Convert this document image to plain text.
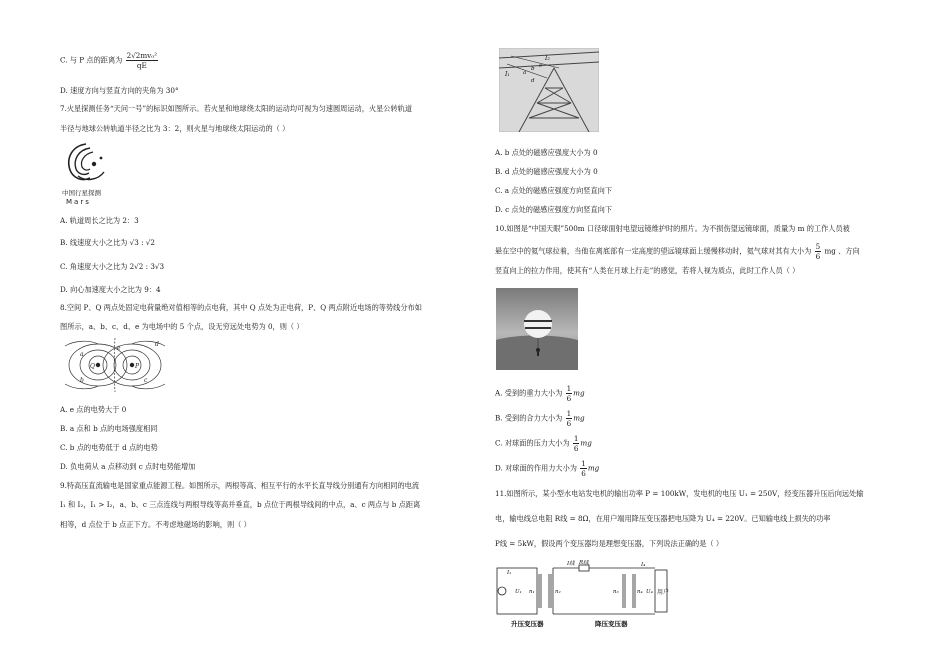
C. 与 P 点的距离为 $\frac{\text{2√2mv₀²}}{qE}$
D. 速度方向与竖直方向的夹角为 30°
7.火星探测任务“天问一号”的标识如图所示。若火星和地球绕太阳的运动均可视为匀速圆周运动，火星公转轨道
半径与地球公转轨道半径之比为 3：2，则火星与地球绕太阳运动的（ ）
中国行星探测
Mars
A. 轨道周长之比为 2：3
B. 线速度大小之比为 √3 : √2
C. 角速度大小之比为 2√2 : 3√3
D. 向心加速度大小之比为 9：4
8.空间 P、Q 两点处固定电荷量绝对值相等的点电荷，其中 Q 点处为正电荷，P、Q 两点附近电场的等势线分布如
图所示，a、b、c、d、e 为电场中的 5 个点，设无穷远处电势为 0，则（ ）
Q	P
a
b	c
d
e
A. e 点的电势大于 0
B. a 点和 b 点的电场强度相同
C. b 点的电势低于 d 点的电势
D. 负电荷从 a 点移动到 c 点时电势能增加
9.特高压直流输电是国家重点能源工程。如图所示，两根等高、相互平行的水平长直导线分别通有方向相同的电流
I₁ 和 I₂，I₁ > I₂，a、b、c 三点连线与两根导线等高并垂直，b 点位于两根导线间的中点，a、c 两点与 b 点距离
相等，d 点位于 b 点正下方。不考虑地磁场的影响，则（ ）
I₁
I₂
a
b c
d
A. b 点处的磁感应强度大小为 0
B. d 点处的磁感应强度大小为 0
C. a 点处的磁感应强度方向竖直向下
D. c 点处的磁感应强度方向竖直向下
10.如图是“中国天眼”500m 口径球面射电望远镜维护时的照片。为不损伤望远镜球面，质量为 m 的工作人员被
悬在空中的氦气球拉着，当他在离底部有一定高度的望远镜球面上缓慢移动时，氦气球对其有大小为 $\frac{5}{6}$ mg 、方向
竖直向上的拉力作用，使其有“人类在月球上行走”的感觉，若将人视为质点，此时工作人员（ ）
A. 受到的重力大小为 $\frac{1}{6}$ mg
B. 受到的合力大小为 $\frac{1}{6}$ mg
C. 对球面的压力大小为 $\frac{1}{6}$ mg
D. 对球面的作用力大小为 $\frac{1}{6}$ mg
11.如图所示，某小型水电站发电机的输出功率 P = 100kW，发电机的电压 U₁ = 250V，经变压器升压后向远处输
电，输电线总电阻 R线 = 8Ω，在用户端用降压变压器把电压降为 U₄ = 220V。已知输电线上损失的功率
P线 = 5kW，假设两个变压器均是理想变压器，下列说法正确的是（ ）
I₁
I线 R线	I₄
U₁ n₁	n₂	n₃	n₄ U₄ 用户
升压变压器	降压变压器
